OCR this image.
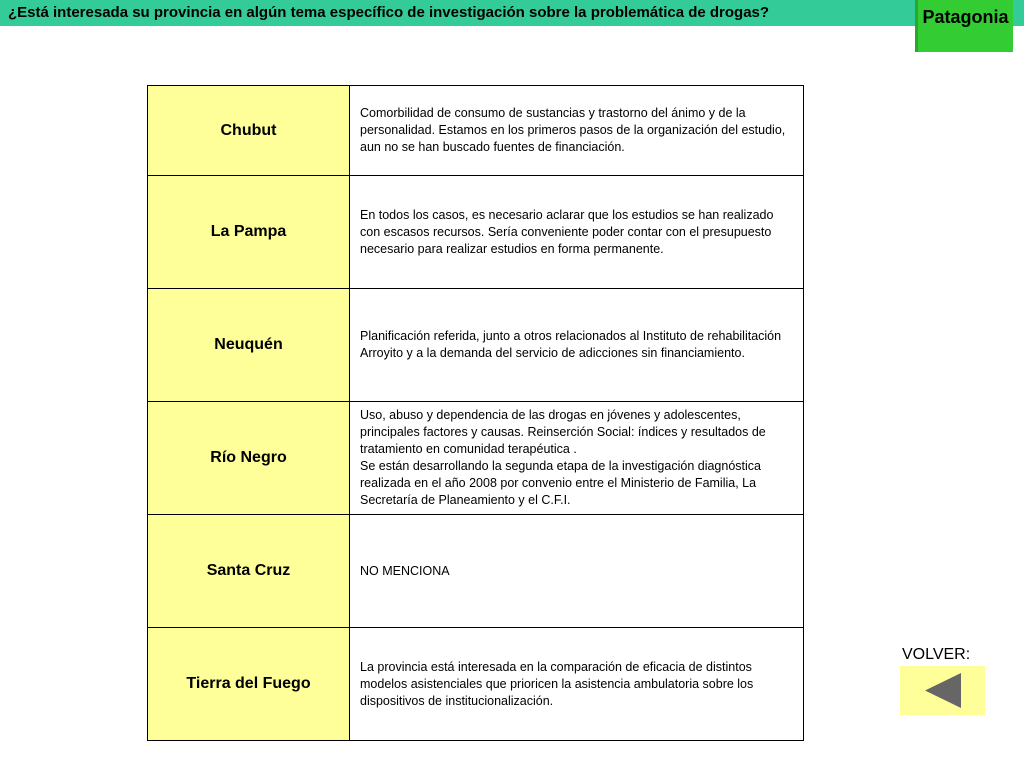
¿Está interesada su provincia en algún tema específico de investigación sobre la problemática de drogas?	Patagonia
Chubut	Comorbilidad de consumo de sustancias y trastorno del ánimo y de la personalidad. Estamos en los primeros pasos de la organización del estudio, aun no se han buscado fuentes de financiación.
La Pampa	En todos los casos, es necesario aclarar que los estudios se han realizado con escasos recursos. Sería conveniente poder contar con el presupuesto necesario para realizar estudios en forma permanente.
Neuquén	Planificación referida, junto a otros relacionados al Instituto de rehabilitación Arroyito y a la demanda del servicio de adicciones sin financiamiento.
Río Negro	Uso, abuso y dependencia de las drogas en jóvenes y adolescentes, principales factores y causas. Reinserción Social: índices y resultados de tratamiento en comunidad terapéutica .
Se están desarrollando la segunda etapa de la investigación diagnóstica realizada en el año 2008 por convenio entre el Ministerio de Familia, La Secretaría de Planeamiento y el C.F.I.
Santa Cruz	NO MENCIONA
Tierra del Fuego	La provincia está interesada en la comparación de eficacia de distintos modelos asistenciales que prioricen la asistencia ambulatoria sobre los dispositivos de institucionalización.
VOLVER:
